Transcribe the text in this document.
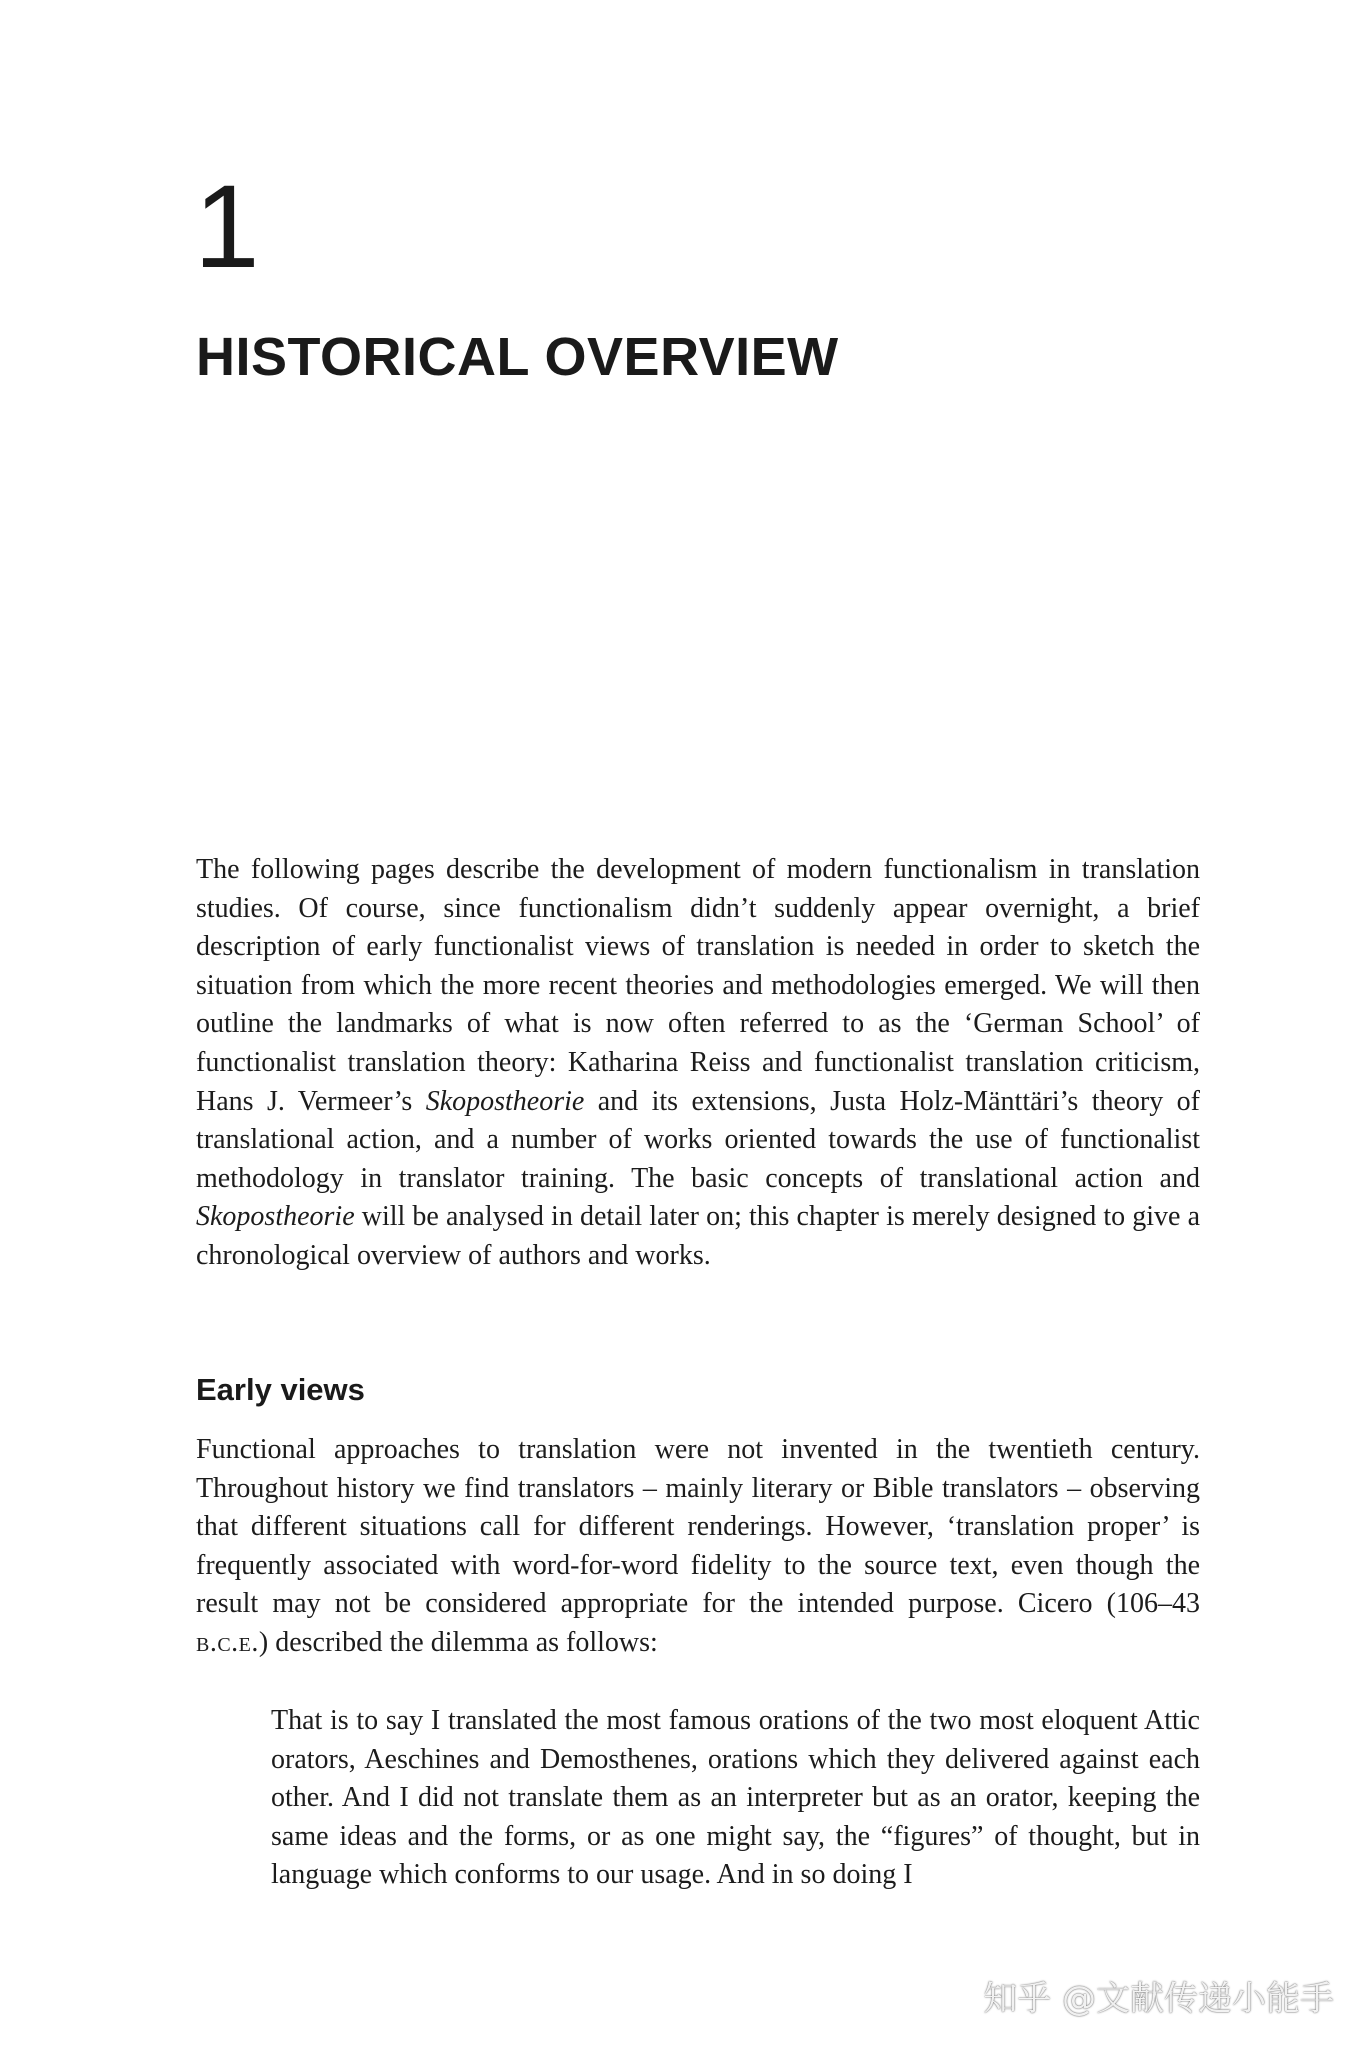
1
HISTORICAL OVERVIEW

The following pages describe the development of modern functionalism in translation studies. Of course, since functionalism didn’t suddenly appear overnight, a brief description of early functionalist views of translation is needed in order to sketch the situation from which the more recent theories and methodologies emerged. We will then outline the landmarks of what is now often referred to as the ‘German School’ of functionalist translation theory: Katharina Reiss and functionalist translation criticism, Hans J. Vermeer’s Skopostheorie and its extensions, Justa Holz-Mänttäri’s theory of translational action, and a number of works oriented towards the use of functionalist methodology in translator training. The basic concepts of translational action and Skopostheorie will be analysed in detail later on; this chapter is merely designed to give a chronological overview of authors and works.

Early views

Functional approaches to translation were not invented in the twentieth century. Throughout history we find translators – mainly literary or Bible translators – observing that different situations call for different renderings. However, ‘translation proper’ is frequently associated with word-for-word fidelity to the source text, even though the result may not be considered appropriate for the intended purpose. Cicero (106–43 b.c.e.) described the dilemma as follows:

That is to say I translated the most famous orations of the two most eloquent Attic orators, Aeschines and Demosthenes, orations which they delivered against each other. And I did not translate them as an interpreter but as an orator, keeping the same ideas and the forms, or as one might say, the “figures” of thought, but in language which conforms to our usage. And in so doing I

知乎 @文献传递小能手
